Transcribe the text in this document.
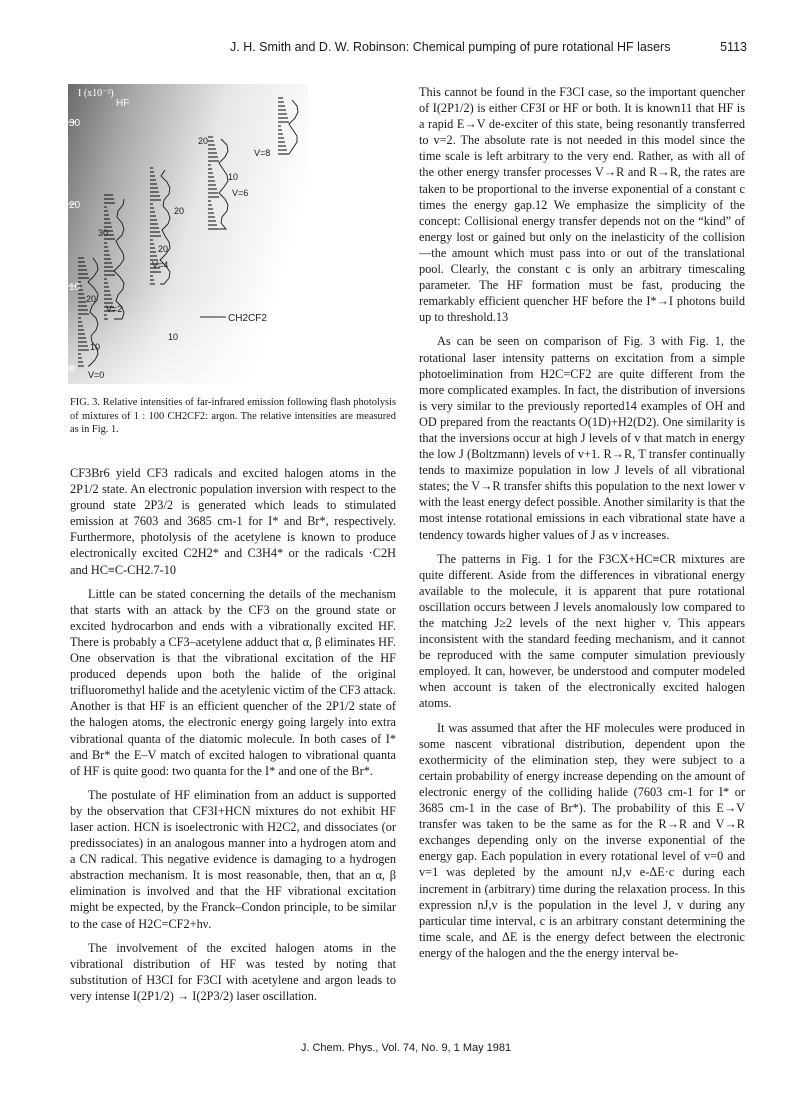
J. H. Smith and D. W. Robinson: Chemical pumping of pure rotational HF lasers	5113
30
20
10
0 V=0
V=2
V=4
V=6
V=8
10
20
30
20
10
20
10
20
I (x10⁻³)
HF
CH2CF2
FIG. 3. Relative intensities of far-infrared emission following flash photolysis of mixtures of 1 : 100 CH2CF2: argon. The relative intensities are measured as in Fig. 1.

CF3Br6 yield CF3 radicals and excited halogen atoms in the 2P1/2 state. An electronic population inversion with respect to the ground state 2P3/2 is generated which leads to stimulated emission at 7603 and 3685 cm-1 for I* and Br*, respectively. Furthermore, photolysis of the acetylene is known to produce electronically excited C2H2* and C3H4* or the radicals ·C2H and HC≡C-CH2.7-10

Little can be stated concerning the details of the mechanism that starts with an attack by the CF3 on the ground state or excited hydrocarbon and ends with a vibrationally excited HF. There is probably a CF3–acetylene adduct that α, β eliminates HF. One observation is that the vibrational excitation of the HF produced depends upon both the halide of the original trifluoromethyl halide and the acetylenic victim of the CF3 attack. Another is that HF is an efficient quencher of the 2P1/2 state of the halogen atoms, the electronic energy going largely into extra vibrational quanta of the diatomic molecule. In both cases of I* and Br* the E–V match of excited halogen to vibrational quanta of HF is quite good: two quanta for the I* and one of the Br*.

The postulate of HF elimination from an adduct is supported by the observation that CF3I+HCN mixtures do not exhibit HF laser action. HCN is isoelectronic with H2C2, and dissociates (or predissociates) in an analogous manner into a hydrogen atom and a CN radical. This negative evidence is damaging to a hydrogen abstraction mechanism. It is most reasonable, then, that an α, β elimination is involved and that the HF vibrational excitation might be expected, by the Franck–Condon principle, to be similar to the case of H2C=CF2+hν.

The involvement of the excited halogen atoms in the vibrational distribution of HF was tested by noting that substitution of H3CI for F3CI with acetylene and argon leads to very intense I(2P1/2) → I(2P3/2) laser oscillation.

This cannot be found in the F3CI case, so the important quencher of I(2P1/2) is either CF3I or HF or both. It is known11 that HF is a rapid E→V de-exciter of this state, being resonantly transferred to v=2. The absolute rate is not needed in this model since the time scale is left arbitrary to the very end. Rather, as with all of the other energy transfer processes V→R and R→R, the rates are taken to be proportional to the inverse exponential of a constant c times the energy gap.12 We emphasize the simplicity of the concept: Collisional energy transfer depends not on the “kind” of energy lost or gained but only on the inelasticity of the collision—the amount which must pass into or out of the translational pool. Clearly, the constant c is only an arbitrary timescaling parameter. The HF formation must be fast, producing the remarkably efficient quencher HF before the I*→I photons build up to threshold.13

As can be seen on comparison of Fig. 3 with Fig. 1, the rotational laser intensity patterns on excitation from a simple photoelimination from H2C=CF2 are quite different from the more complicated examples. In fact, the distribution of inversions is very similar to the previously reported14 examples of OH and OD prepared from the reactants O(1D)+H2(D2). One similarity is that the inversions occur at high J levels of v that match in energy the low J (Boltzmann) levels of v+1. R→R, T transfer continually tends to maximize population in low J levels of all vibrational states; the V→R transfer shifts this population to the next lower v with the least energy defect possible. Another similarity is that the most intense rotational emissions in each vibrational state have a tendency towards higher values of J as v increases.

The patterns in Fig. 1 for the F3CX+HC≡CR mixtures are quite different. Aside from the differences in vibrational energy available to the molecule, it is apparent that pure rotational oscillation occurs between J levels anomalously low compared to the matching J≥2 levels of the next higher v. This appears inconsistent with the standard feeding mechanism, and it cannot be reproduced with the same computer simulation previously employed. It can, however, be understood and computer modeled when account is taken of the electronically excited halogen atoms.

It was assumed that after the HF molecules were produced in some nascent vibrational distribution, dependent upon the exothermicity of the elimination step, they were subject to a certain probability of energy increase depending on the amount of electronic energy of the colliding halide (7603 cm-1 for I* or 3685 cm-1 in the case of Br*). The probability of this E→V transfer was taken to be the same as for the R→R and V→R exchanges depending only on the inverse exponential of the energy gap. Each population in every rotational level of v=0 and v=1 was depleted by the amount nJ,v e-ΔE·c during each increment in (arbitrary) time during the relaxation process. In this expression nJ,v is the population in the level J, v during any particular time interval, c is an arbitrary constant determining the time scale, and ΔE is the energy defect between the electronic energy of the halogen and the the energy interval be-

J. Chem. Phys., Vol. 74, No. 9, 1 May 1981
